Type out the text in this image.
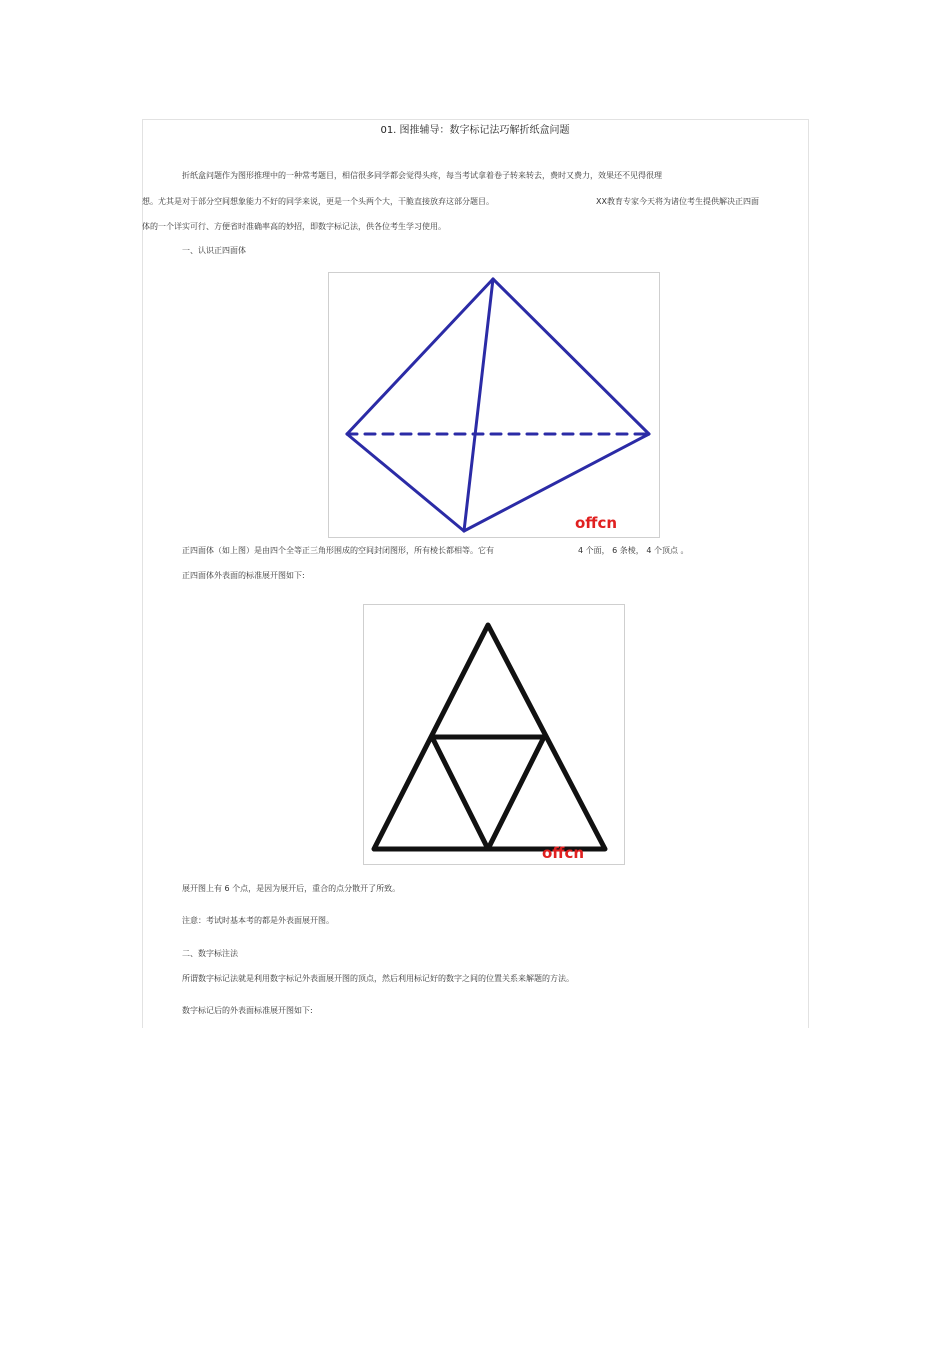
01. 图推辅导：数字标记法巧解折纸盒问题
折纸盒问题作为图形推理中的一种常考题目，相信很多同学都会觉得头疼，每当考试拿着卷子转来转去，费时又费力，效果还不见得很理
想。尤其是对于部分空间想象能力不好的同学来说，更是一个头两个大，干脆直接放弃这部分题目。	XX教育专家今天将为诸位考生提供解决正四面
体的一个详实可行、方便省时准确率高的妙招，即数字标记法，供各位考生学习使用。
一、认识正四面体
offcn
正四面体（如上图）是由四个全等正三角形围成的空间封闭图形，所有棱长都相等。它有	4 个面， 6 条棱， 4 个顶点 。
正四面体外表面的标准展开图如下:
offcn
展开图上有 6 个点，是因为展开后，重合的点分散开了所致。
注意：考试时基本考的都是外表面展开图。
二、数字标注法
所谓数字标记法就是利用数字标记外表面展开图的顶点，然后利用标记好的数字之间的位置关系来解题的方法。
数字标记后的外表面标准展开图如下:
